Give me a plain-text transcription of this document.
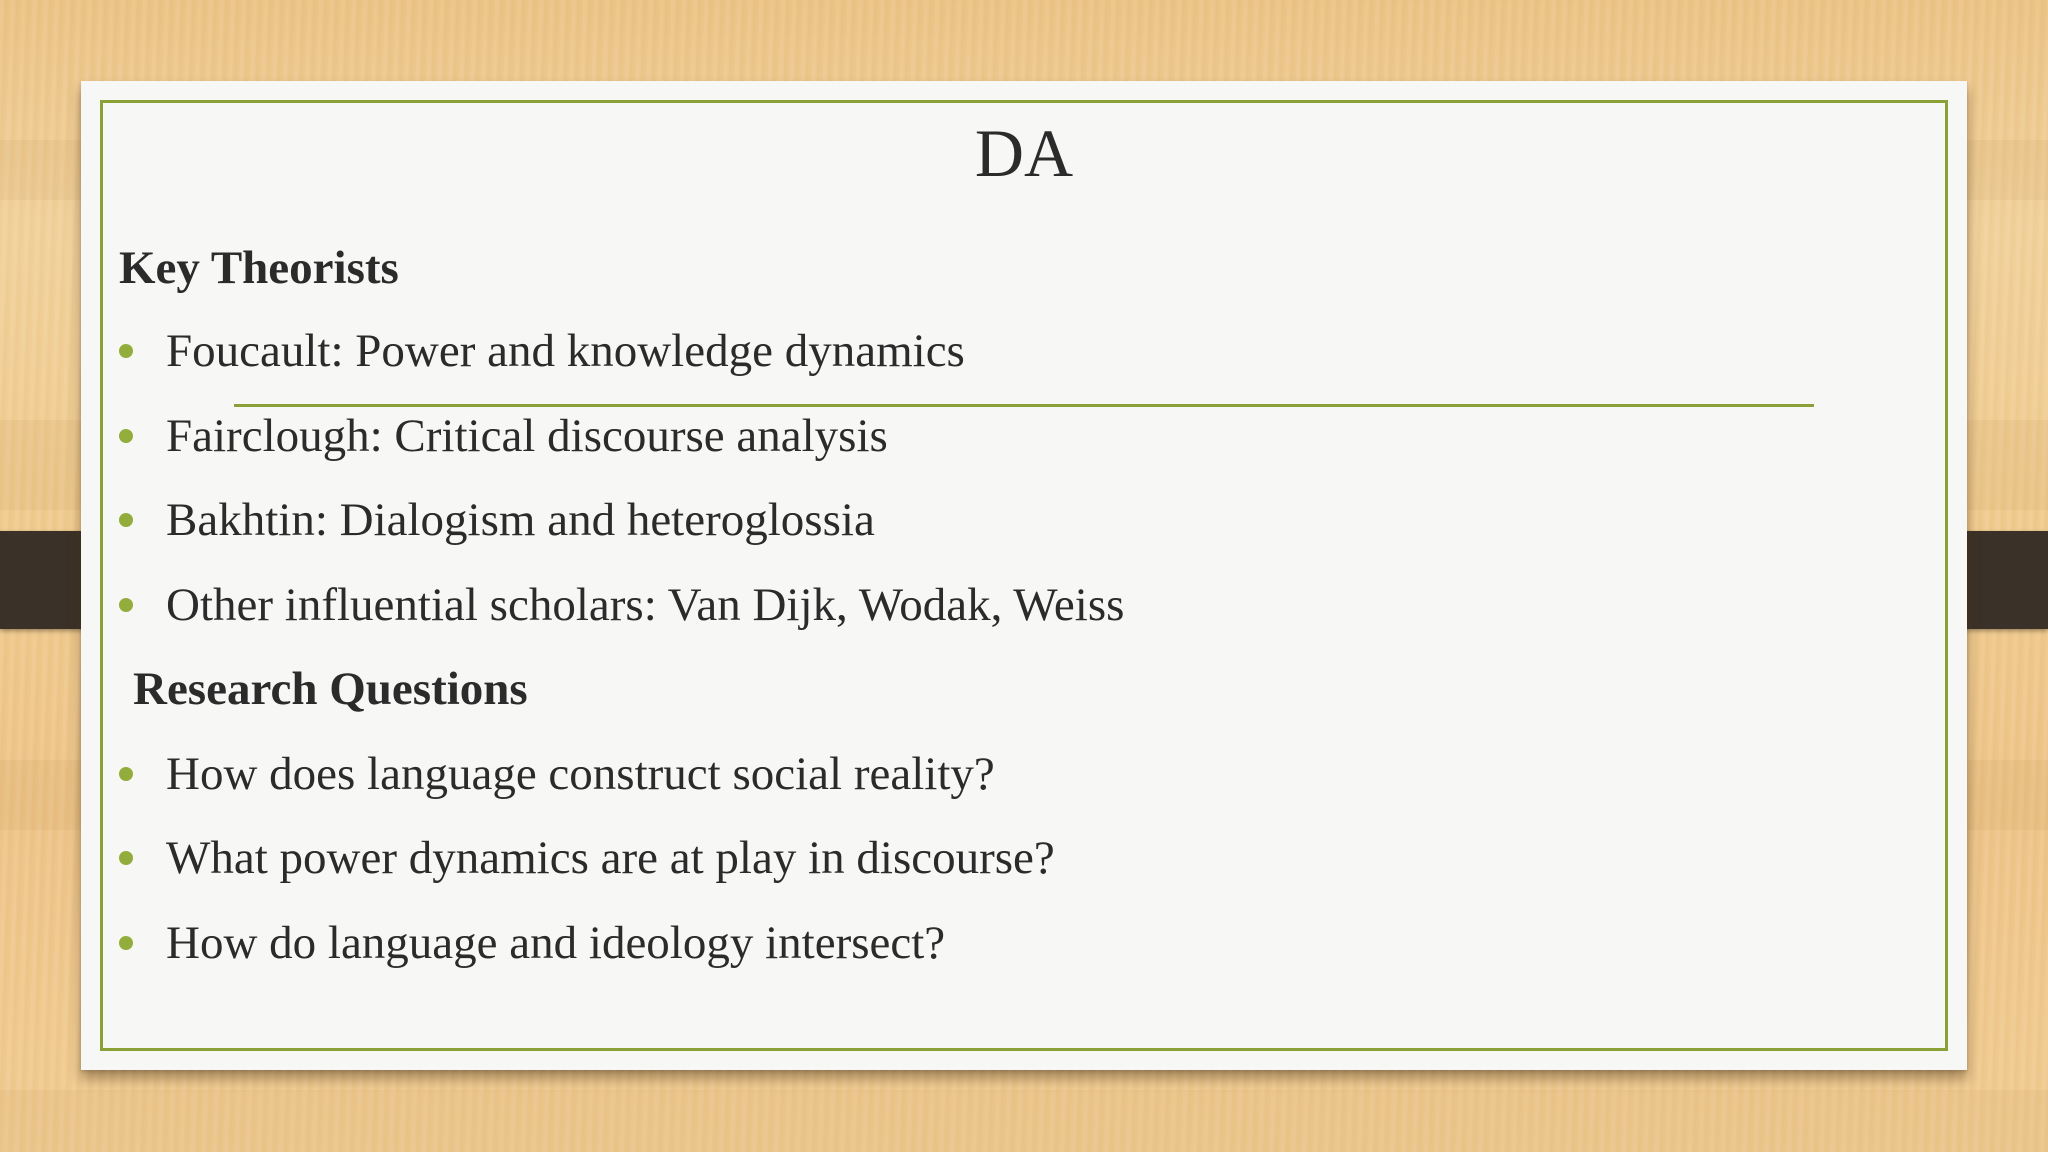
DA
Key Theorists
Foucault: Power and knowledge dynamics
Fairclough: Critical discourse analysis
Bakhtin: Dialogism and heteroglossia
Other influential scholars: Van Dijk, Wodak, Weiss
Research Questions
How does language construct social reality?
What power dynamics are at play in discourse?
How do language and ideology intersect?
